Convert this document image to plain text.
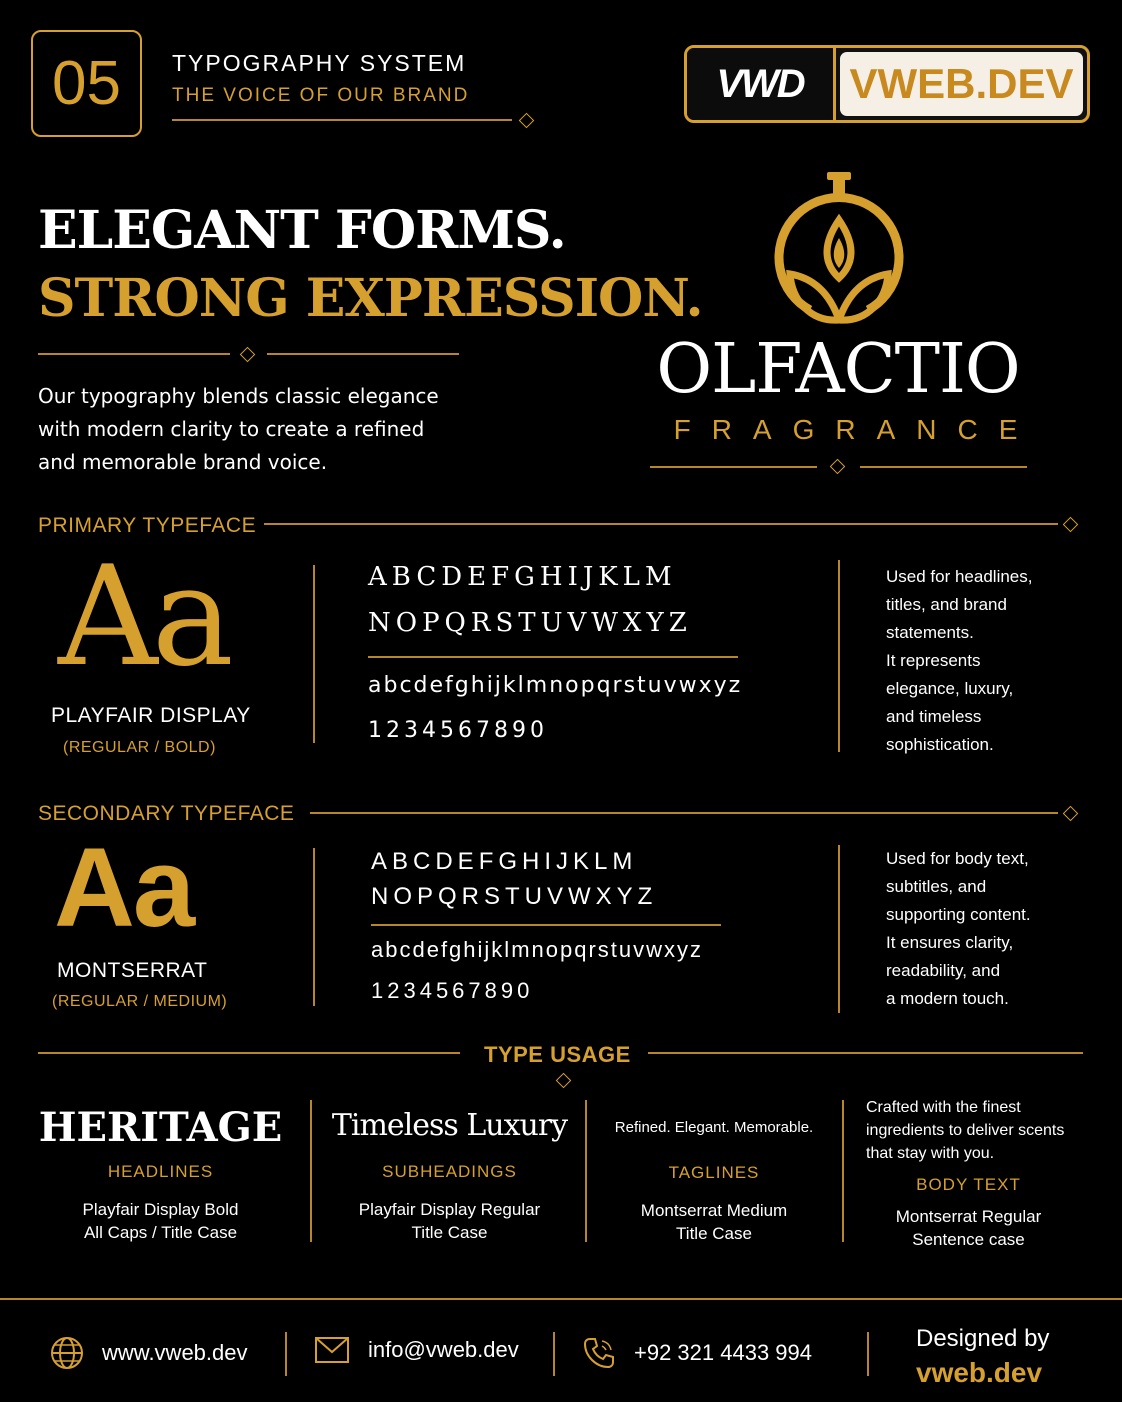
05	TYPOGRAPHY SYSTEM
THE VOICE OF OUR BRAND	VWD	VWEB.DEV
ELEGANT FORMS.
STRONG EXPRESSION.
Our typography blends classic elegance with modern clarity to create a refined and memorable brand voice.
OLFACTIO
FRAGRANCE
PRIMARY TYPEFACE
Aa
PLAYFAIR DISPLAY
(REGULAR / BOLD)
ABCDEFGHIJKLM
NOPQRSTUVWXYZ
abcdefghijklmnopqrstuvwxyz
1234567890
Used for headlines,
titles, and brand
statements.
It represents
elegance, luxury,
and timeless
sophistication.
SECONDARY TYPEFACE
Aa
MONTSERRAT
(REGULAR / MEDIUM)
ABCDEFGHIJKLM
NOPQRSTUVWXYZ
abcdefghijklmnopqrstuvwxyz
1234567890
Used for body text,
subtitles, and
supporting content.
It ensures clarity,
readability, and
a modern touch.
TYPE USAGE
HERITAGE
HEADLINES
Playfair Display Bold
All Caps / Title Case
Timeless Luxury
SUBHEADINGS
Playfair Display Regular
Title Case
Refined. Elegant. Memorable.
TAGLINES
Montserrat Medium
Title Case
Crafted with the finest ingredients to deliver scents that stay with you.
BODY TEXT
Montserrat Regular
Sentence case
www.vweb.dev	info@vweb.dev	+92 321 4433 994
Designed by
vweb.dev
